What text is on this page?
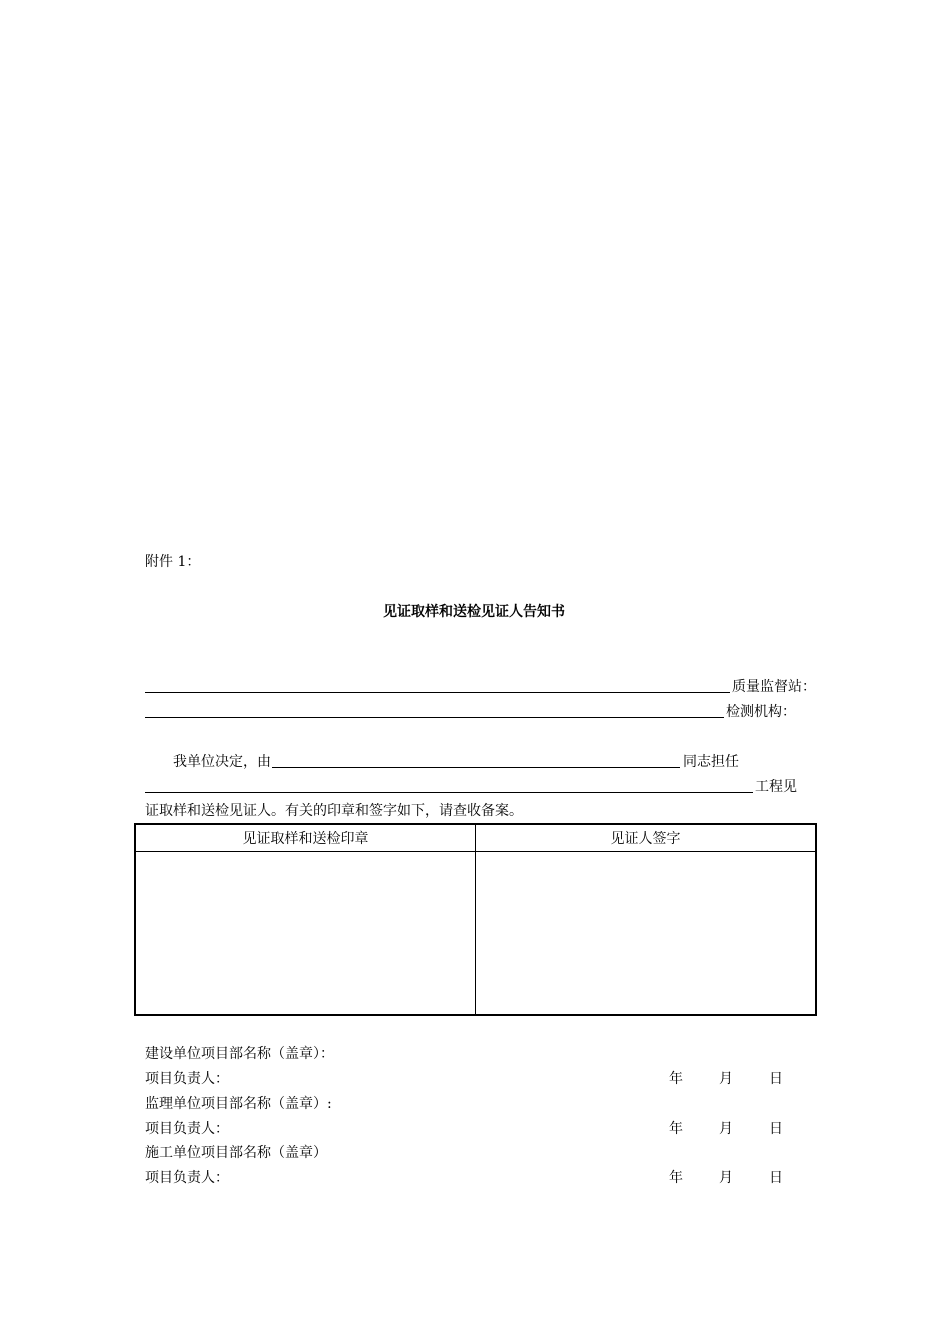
附件 1：
见证取样和送检见证人告知书
质量监督站：
检测机构：
我单位决定，由	同志担任
工程见
证取样和送检见证人。有关的印章和签字如下，请查收备案。
见证取样和送检印章	见证人签字

建设单位项目部名称（盖章）：
项目负责人：	年	月	日
监理单位项目部名称（盖章）:
项目负责人：	年	月	日
施工单位项目部名称（盖章）
项目负责人：	年	月	日
